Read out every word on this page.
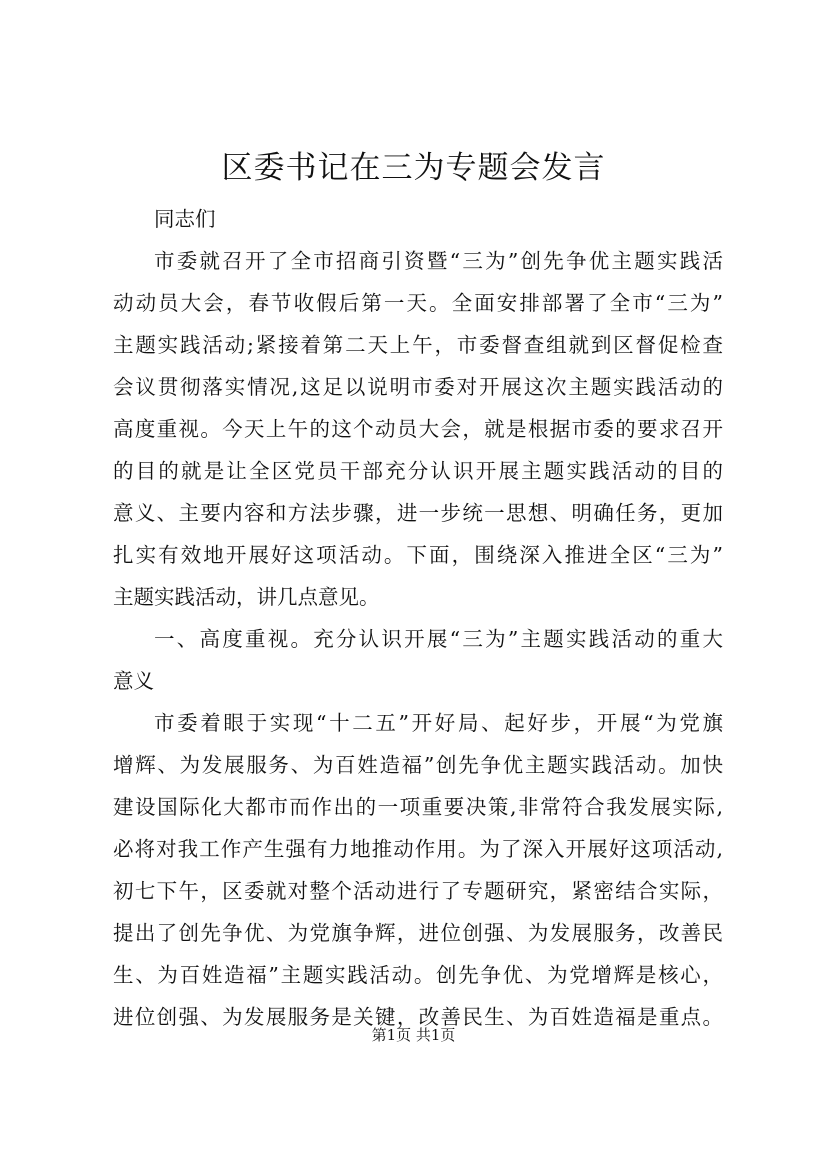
区委书记在三为专题会发言
同志们
市委就召开了全市招商引资暨“三为”创先争优主题实践活
动动员大会，春节收假后第一天。全面安排部署了全市“三为”
主题实践活动;紧接着第二天上午，市委督查组就到区督促检查
会议贯彻落实情况,这足以说明市委对开展这次主题实践活动的
高度重视。今天上午的这个动员大会，就是根据市委的要求召开
的目的就是让全区党员干部充分认识开展主题实践活动的目的
意义、主要内容和方法步骤，进一步统一思想、明确任务，更加
扎实有效地开展好这项活动。下面，围绕深入推进全区“三为”
主题实践活动，讲几点意见。
一、高度重视。充分认识开展“三为”主题实践活动的重大
意义
市委着眼于实现“十二五”开好局、起好步，开展“为党旗
增辉、为发展服务、为百姓造福”创先争优主题实践活动。加快
建设国际化大都市而作出的一项重要决策,非常符合我发展实际,
必将对我工作产生强有力地推动作用。为了深入开展好这项活动,
初七下午，区委就对整个活动进行了专题研究，紧密结合实际，
提出了创先争优、为党旗争辉，进位创强、为发展服务，改善民
生、为百姓造福”主题实践活动。创先争优、为党增辉是核心，
进位创强、为发展服务是关键，改善民生、为百姓造福是重点。
第1页 共1页
